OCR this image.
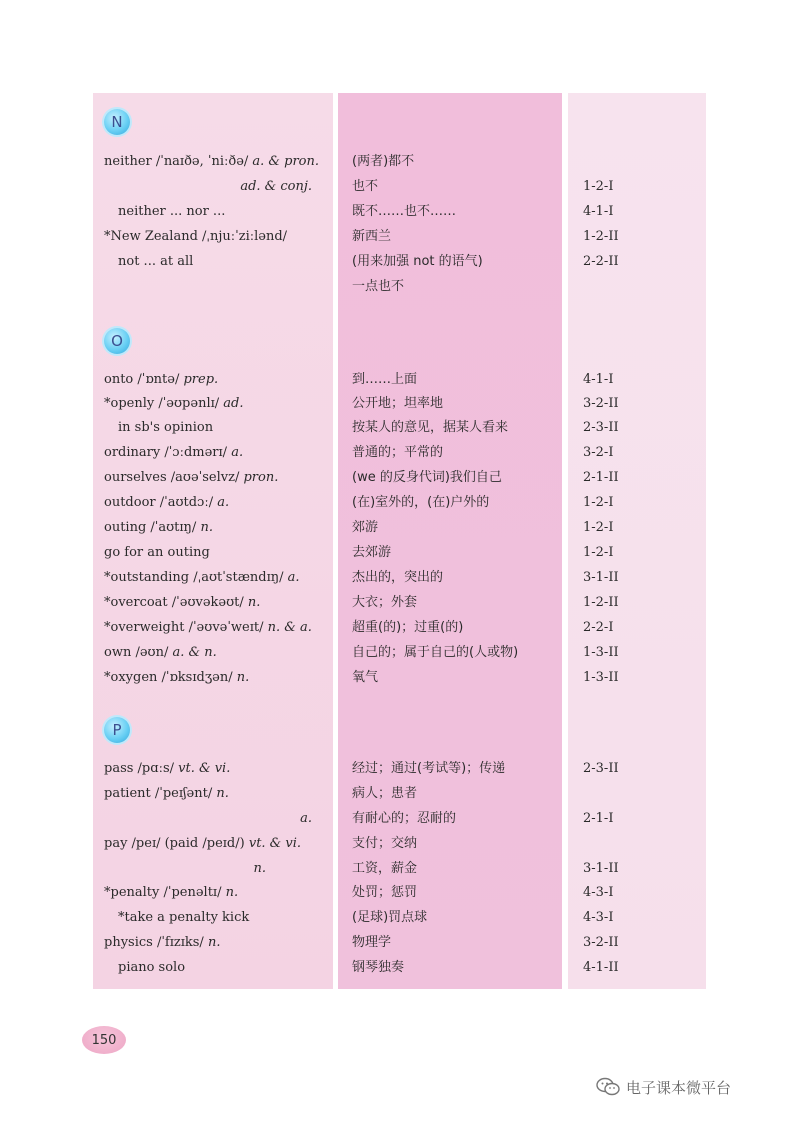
N
neither /ˈnaɪðə, ˈniːðə/ a. & pron.	(两者)都不
ad. & conj.	也不	1-2-I
neither ... nor ...	既不……也不……	4-1-I
*New Zealand /ˌnjuːˈziːlənd/	新西兰	1-2-II
not ... at all	(用来加强 not 的语气)	2-2-II
一点也不
O
onto /ˈɒntə/ prep.	到……上面	4-1-I
*openly /ˈəʊpənlɪ/ ad.	公开地；坦率地	3-2-II
in sb's opinion	按某人的意见，据某人看来	2-3-II
ordinary /ˈɔːdmərɪ/ a.	普通的；平常的	3-2-I
ourselves /aʊəˈselvz/ pron.	(we 的反身代词)我们自己	2-1-II
outdoor /ˈaʊtdɔː/ a.	(在)室外的，(在)户外的	1-2-I
outing /ˈaʊtɪŋ/ n.	郊游	1-2-I
go for an outing	去郊游	1-2-I
*outstanding /ˌaʊtˈstændɪŋ/ a.	杰出的，突出的	3-1-II
*overcoat /ˈəʊvəkəʊt/ n.	大衣；外套	1-2-II
*overweight /ˈəʊvəˈweɪt/ n. & a.	超重(的)；过重(的)	2-2-I
own /əʊn/ a. & n.	自己的；属于自己的(人或物)	1-3-II
*oxygen /ˈɒksɪdʒən/ n.	氧气	1-3-II
P
pass /pɑːs/ vt. & vi.	经过；通过(考试等)；传递	2-3-II
patient /ˈpeɪʃənt/ n.	病人；患者
a.	有耐心的；忍耐的	2-1-I
pay /peɪ/ (paid /peɪd/) vt. & vi.	支付；交纳
n.	工资，薪金	3-1-II
*penalty /ˈpenəltɪ/ n.	处罚；惩罚	4-3-I
*take a penalty kick	(足球)罚点球	4-3-I
physics /ˈfɪzɪks/ n.	物理学	3-2-II
piano solo	钢琴独奏	4-1-II
150
电子课本微平台
